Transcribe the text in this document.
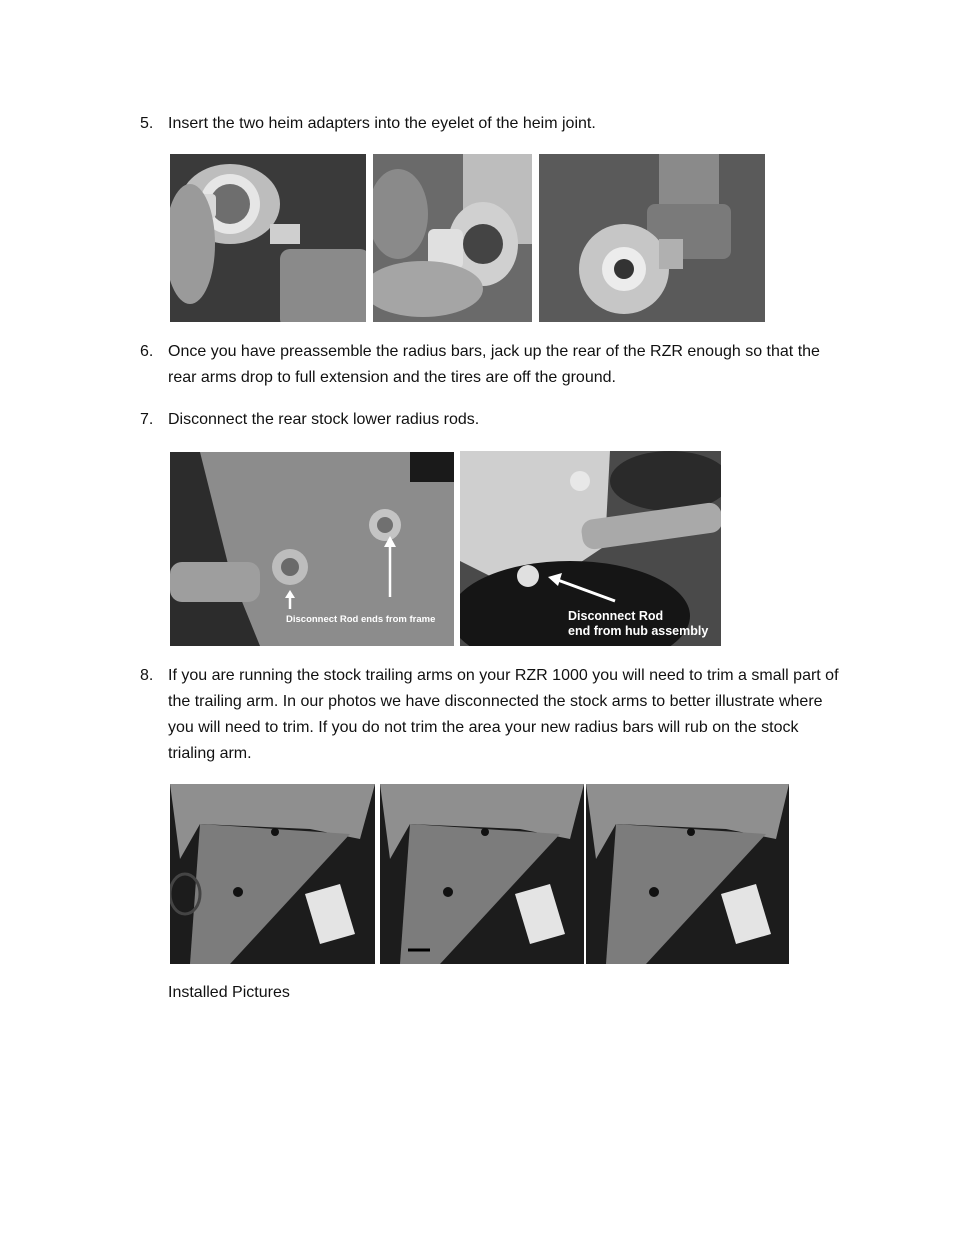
5. Insert the two heim adapters into the eyelet of the heim joint.
6. Once you have preassemble the radius bars, jack up the rear of the RZR enough so that the rear arms drop to full extension and the tires are off the ground.
7. Disconnect the rear stock lower radius rods.
Disconnect Rod ends from frame	Disconnect Rod
end from hub assembly
8. If you are running the stock trailing arms on your RZR 1000 you will need to trim a small part of the trailing arm. In our photos we have disconnected the stock arms to better illustrate where you will need to trim. If you do not trim the area your new radius bars will rub on the stock trialing arm.
Installed Pictures
